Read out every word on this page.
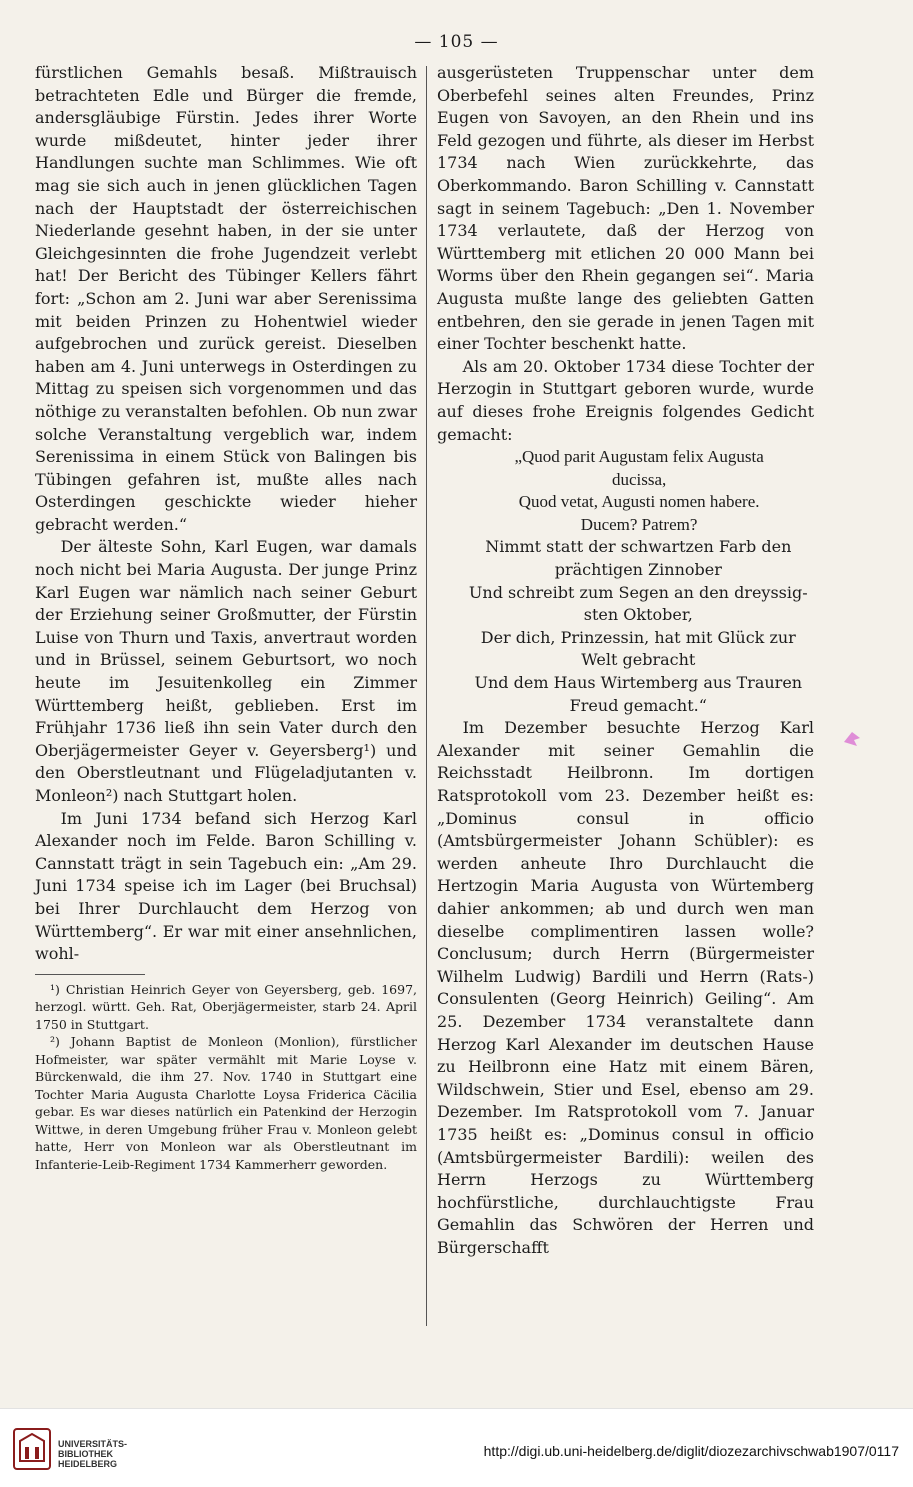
— 105 —

fürstlichen Gemahls besaß. Mißtrauisch betrachteten Edle und Bürger die fremde, andersgläubige Fürstin. Jedes ihrer Worte wurde mißdeutet, hinter jeder ihrer Handlungen suchte man Schlimmes. Wie oft mag sie sich auch in jenen glücklichen Tagen nach der Hauptstadt der österreichischen Niederlande gesehnt haben, in der sie unter Gleichgesinnten die frohe Jugendzeit verlebt hat! Der Bericht des Tübinger Kellers fährt fort: „Schon am 2. Juni war aber Serenissima mit beiden Prinzen zu Hohentwiel wieder aufgebrochen und zurück gereist. Dieselben haben am 4. Juni unterwegs in Osterdingen zu Mittag zu speisen sich vorgenommen und das nöthige zu veranstalten befohlen. Ob nun zwar solche Veranstaltung vergeblich war, indem Serenissima in einem Stück von Balingen bis Tübingen gefahren ist, mußte alles nach Osterdingen geschickte wieder hieher gebracht werden.“

Der älteste Sohn, Karl Eugen, war damals noch nicht bei Maria Augusta. Der junge Prinz Karl Eugen war nämlich nach seiner Geburt der Erziehung seiner Großmutter, der Fürstin Luise von Thurn und Taxis, anvertraut worden und in Brüssel, seinem Geburtsort, wo noch heute im Jesuitenkolleg ein Zimmer Württemberg heißt, geblieben. Erst im Frühjahr 1736 ließ ihn sein Vater durch den Oberjägermeister Geyer v. Geyersberg¹) und den Oberstleutnant und Flügeladjutanten v. Monleon²) nach Stuttgart holen.

Im Juni 1734 befand sich Herzog Karl Alexander noch im Felde. Baron Schilling v. Cannstatt trägt in sein Tagebuch ein: „Am 29. Juni 1734 speise ich im Lager (bei Bruchsal) bei Ihrer Durchlaucht dem Herzog von Württemberg“. Er war mit einer ansehnlichen, wohl-

¹) Christian Heinrich Geyer von Geyersberg, geb. 1697, herzogl. württ. Geh. Rat, Oberjägermeister, starb 24. April 1750 in Stuttgart.

²) Johann Baptist de Monleon (Monlion), fürstlicher Hofmeister, war später vermählt mit Marie Loyse v. Bürckenwald, die ihm 27. Nov. 1740 in Stuttgart eine Tochter Maria Augusta Charlotte Loysa Friderica Cäcilia gebar. Es war dieses natürlich ein Patenkind der Herzogin Wittwe, in deren Umgebung früher Frau v. Monleon gelebt hatte, Herr von Monleon war als Oberstleutnant im Infanterie-Leib-Regiment 1734 Kammerherr geworden.

ausgerüsteten Truppenschar unter dem Oberbefehl seines alten Freundes, Prinz Eugen von Savoyen, an den Rhein und ins Feld gezogen und führte, als dieser im Herbst 1734 nach Wien zurückkehrte, das Oberkommando. Baron Schilling v. Cannstatt sagt in seinem Tagebuch: „Den 1. November 1734 verlautete, daß der Herzog von Württemberg mit etlichen 20 000 Mann bei Worms über den Rhein gegangen sei“. Maria Augusta mußte lange des geliebten Gatten entbehren, den sie gerade in jenen Tagen mit einer Tochter beschenkt hatte.

Als am 20. Oktober 1734 diese Tochter der Herzogin in Stuttgart geboren wurde, wurde auf dieses frohe Ereignis folgendes Gedicht gemacht:

„Quod parit Augustam felix Augusta

ducissa,

Quod vetat, Augusti nomen habere.

Ducem? Patrem?

Nimmt statt der schwartzen Farb den

prächtigen Zinnober

Und schreibt zum Segen an den dreyssig-

sten Oktober,

Der dich, Prinzessin, hat mit Glück zur

Welt gebracht

Und dem Haus Wirtemberg aus Trauren

Freud gemacht.“

Im Dezember besuchte Herzog Karl Alexander mit seiner Gemahlin die Reichsstadt Heilbronn. Im dortigen Ratsprotokoll vom 23. Dezember heißt es: „Dominus consul in officio (Amtsbürgermeister Johann Schübler): es werden anheute Ihro Durchlaucht die Hertzogin Maria Augusta von Würtemberg dahier ankommen; ab und durch wen man dieselbe complimentiren lassen wolle? Conclusum; durch Herrn (Bürgermeister Wilhelm Ludwig) Bardili und Herrn (Rats-) Consulenten (Georg Heinrich) Geiling“. Am 25. Dezember 1734 veranstaltete dann Herzog Karl Alexander im deutschen Hause zu Heilbronn eine Hatz mit einem Bären, Wildschwein, Stier und Esel, ebenso am 29. Dezember. Im Ratsprotokoll vom 7. Januar 1735 heißt es: „Dominus consul in officio (Amtsbürgermeister Bardili): weilen des Herrn Herzogs zu Württemberg hochfürstliche, durchlauchtigste Frau Gemahlin das Schwören der Herren und Bürgerschafft

UNIVERSITÄTS-
BIBLIOTHEK
HEIDELBERG
http://digi.ub.uni-heidelberg.de/diglit/diozezarchivschwab1907/0117
